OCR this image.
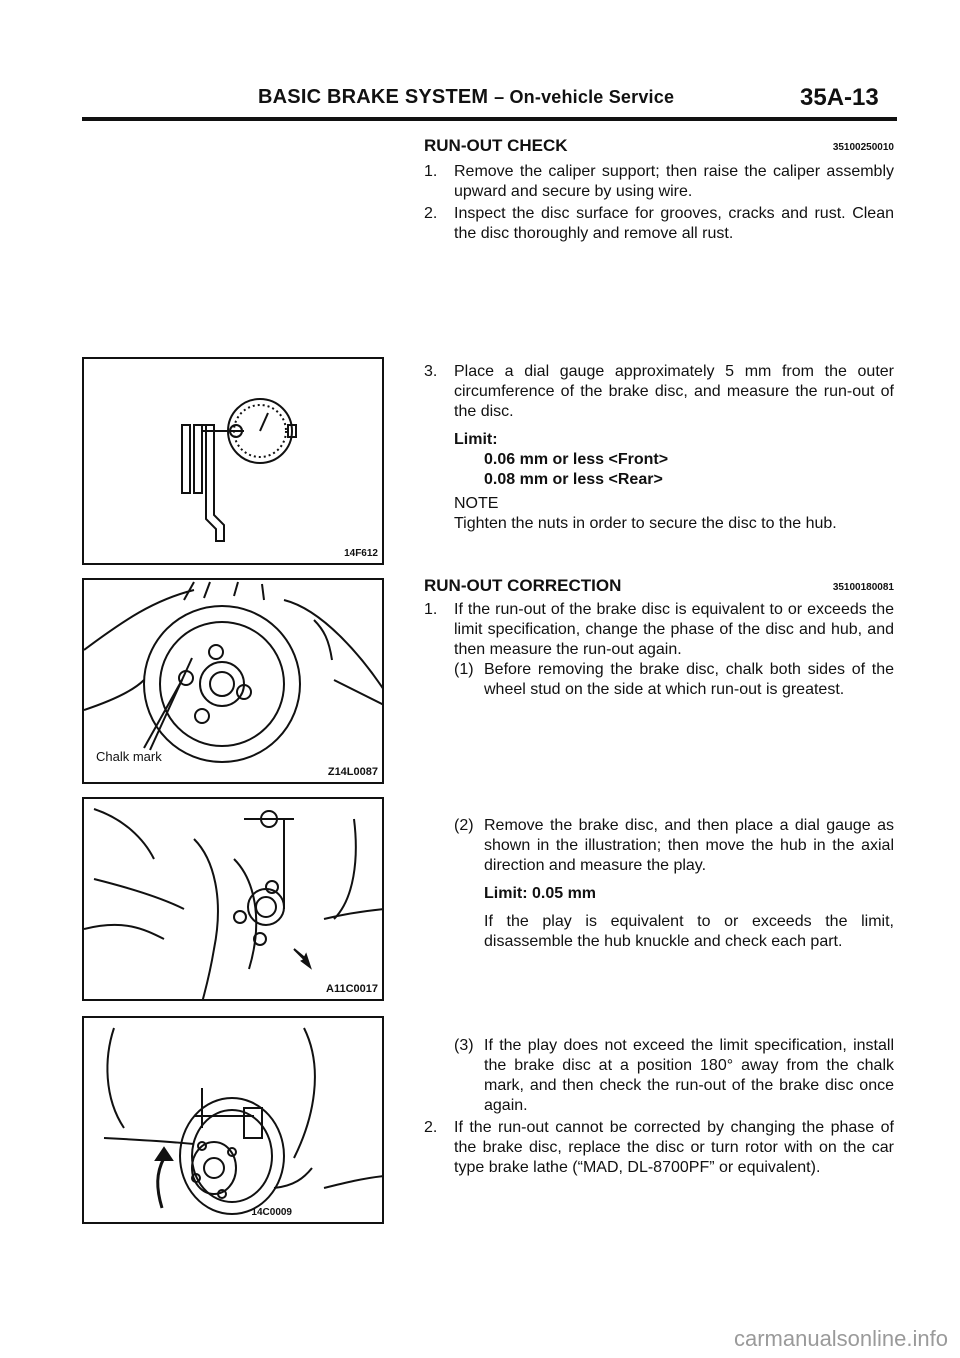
BASIC BRAKE SYSTEM – On-vehicle Service	35A-13
RUN-OUT CHECK	35100250010
1. Remove the caliper support; then raise the caliper assembly upward and secure by using wire.
2. Inspect the disc surface for grooves, cracks and rust. Clean the disc thoroughly and remove all rust.
3. Place a dial gauge approximately 5 mm from the outer circumference of the brake disc, and measure the run-out of the disc.
Limit:
0.06 mm or less <Front>
0.08 mm or less <Rear>
NOTE
Tighten the nuts in order to secure the disc to the hub.
RUN-OUT CORRECTION	35100180081
1. If the run-out of the brake disc is equivalent to or exceeds the limit specification, change the phase of the disc and hub, and then measure the run-out again.
(1) Before removing the brake disc, chalk both sides of the wheel stud on the side at which run-out is greatest.
(2) Remove the brake disc, and then place a dial gauge as shown in the illustration; then move the hub in the axial direction and measure the play.
Limit: 0.05 mm
If the play is equivalent to or exceeds the limit, disassemble the hub knuckle and check each part.
(3) If the play does not exceed the limit specification, install the brake disc at a position 180° away from the chalk mark, and then check the run-out of the brake disc once again.
2. If the run-out cannot be corrected by changing the phase of the brake disc, replace the disc or turn rotor with on the car type brake lathe (“MAD, DL-8700PF” or equivalent).
14F612
Chalk mark
Z14L0087
A11C0017
14C0009
carmanualsonline.info
